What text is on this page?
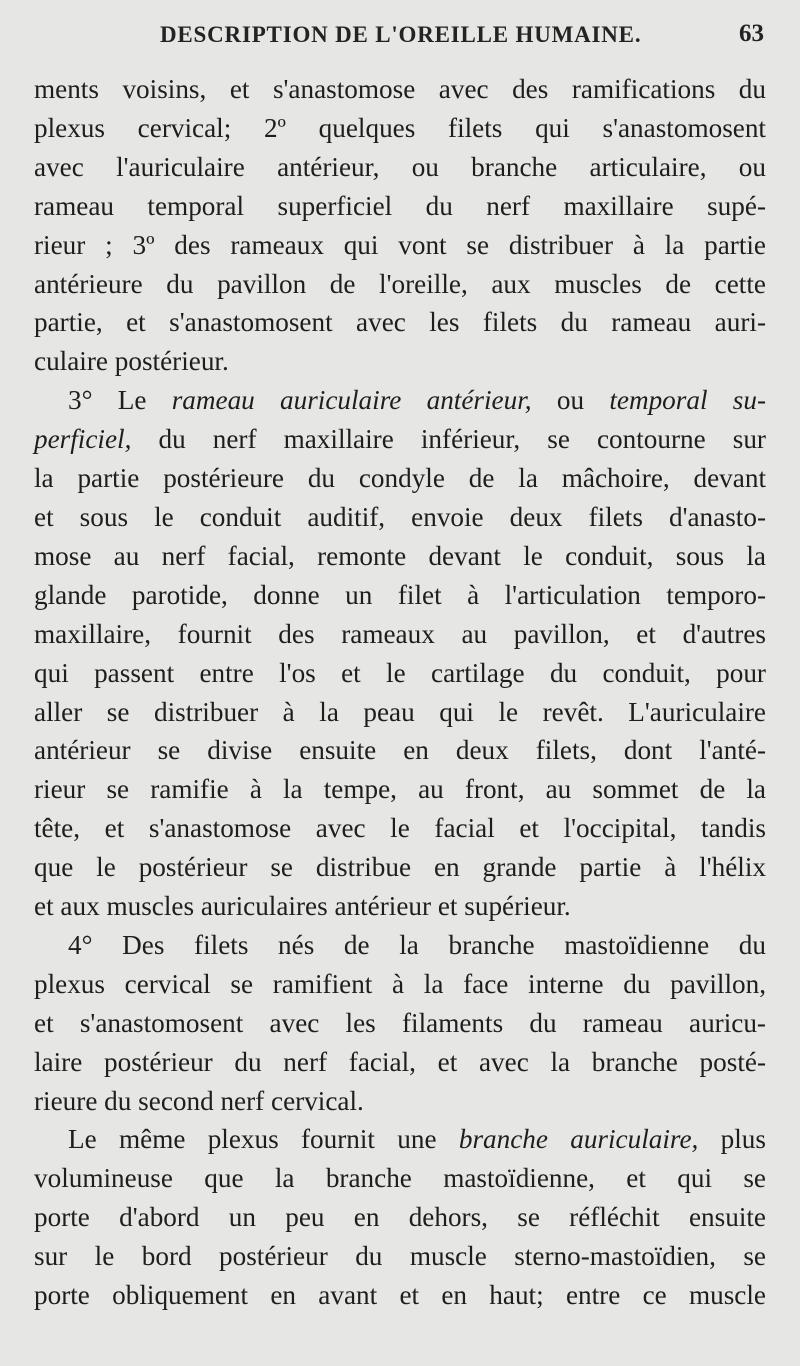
DESCRIPTION DE L'OREILLE HUMAINE.	63
ments voisins, et s'anastomose avec des ramifications du
plexus cervical; 2º quelques filets qui s'anastomosent
avec l'auriculaire antérieur, ou branche articulaire, ou
rameau temporal superficiel du nerf maxillaire supé-
rieur ; 3º des rameaux qui vont se distribuer à la partie
antérieure du pavillon de l'oreille, aux muscles de cette
partie, et s'anastomosent avec les filets du rameau auri-
culaire postérieur.
3° Le rameau auriculaire antérieur, ou temporal su-
perficiel, du nerf maxillaire inférieur, se contourne sur
la partie postérieure du condyle de la mâchoire, devant
et sous le conduit auditif, envoie deux filets d'anasto-
mose au nerf facial, remonte devant le conduit, sous la
glande parotide, donne un filet à l'articulation temporo-
maxillaire, fournit des rameaux au pavillon, et d'autres
qui passent entre l'os et le cartilage du conduit, pour
aller se distribuer à la peau qui le revêt. L'auriculaire
antérieur se divise ensuite en deux filets, dont l'anté-
rieur se ramifie à la tempe, au front, au sommet de la
tête, et s'anastomose avec le facial et l'occipital, tandis
que le postérieur se distribue en grande partie à l'hélix
et aux muscles auriculaires antérieur et supérieur.
4° Des filets nés de la branche mastoïdienne du
plexus cervical se ramifient à la face interne du pavillon,
et s'anastomosent avec les filaments du rameau auricu-
laire postérieur du nerf facial, et avec la branche posté-
rieure du second nerf cervical.
Le même plexus fournit une branche auriculaire, plus
volumineuse que la branche mastoïdienne, et qui se
porte d'abord un peu en dehors, se réfléchit ensuite
sur le bord postérieur du muscle sterno-mastoïdien, se
porte obliquement en avant et en haut; entre ce muscle
